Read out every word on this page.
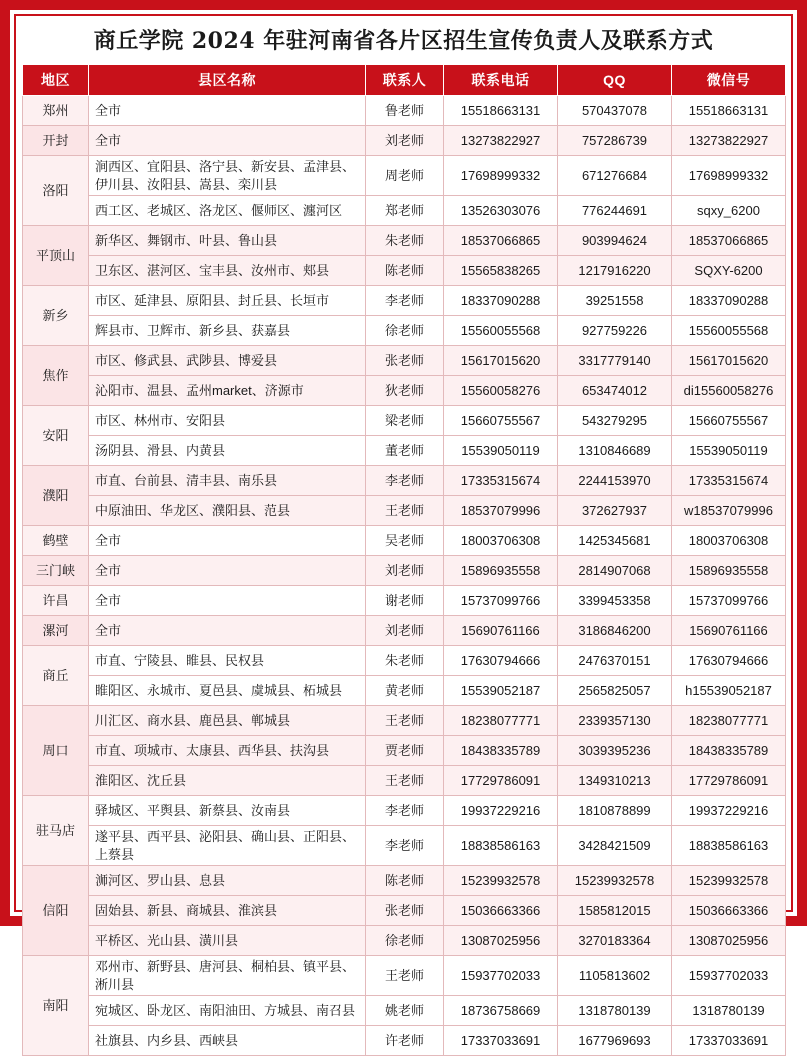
商丘学院 2024 年驻河南省各片区招生宣传负责人及联系方式
地区	县区名称	联系人	联系电话	QQ	微信号
郑州	全市	鲁老师	15518663131	570437078	15518663131
开封	全市	刘老师	13273822927	757286739	13273822927
洛阳	涧西区、宜阳县、洛宁县、新安县、孟津县、伊川县、汝阳县、嵩县、栾川县	周老师	17698999332	671276684	17698999332
	西工区、老城区、洛龙区、偃师区、瀍河区	郑老师	13526303076	776244691	sqxy_6200
平顶山	新华区、舞钢市、叶县、鲁山县	朱老师	18537066865	903994624	18537066865
	卫东区、湛河区、宝丰县、汝州市、郏县	陈老师	15565838265	1217916220	SQXY-6200
新乡	市区、延津县、原阳县、封丘县、长垣市	李老师	18337090288	39251558	18337090288
	辉县市、卫辉市、新乡县、获嘉县	徐老师	15560055568	927759226	15560055568
焦作	市区、修武县、武陟县、博爱县	张老师	15617015620	3317779140	15617015620
	沁阳市、温县、孟州market、济源市	狄老师	15560058276	653474012	di15560058276
安阳	市区、林州市、安阳县	梁老师	15660755567	543279295	15660755567
	汤阴县、滑县、内黄县	董老师	15539050119	1310846689	15539050119
濮阳	市直、台前县、清丰县、南乐县	李老师	17335315674	2244153970	17335315674
	中原油田、华龙区、濮阳县、范县	王老师	18537079996	372627937	w18537079996
鹤壁	全市	吴老师	18003706308	1425345681	18003706308
三门峡	全市	刘老师	15896935558	2814907068	15896935558
许昌	全市	谢老师	15737099766	3399453358	15737099766
漯河	全市	刘老师	15690761166	3186846200	15690761166
商丘	市直、宁陵县、睢县、民权县	朱老师	17630794666	2476370151	17630794666
	睢阳区、永城市、夏邑县、虞城县、柘城县	黄老师	15539052187	2565825057	h15539052187
周口	川汇区、商水县、鹿邑县、郸城县	王老师	18238077771	2339357130	18238077771
	市直、项城市、太康县、西华县、扶沟县	贾老师	18438335789	3039395236	18438335789
	淮阳区、沈丘县	王老师	17729786091	1349310213	17729786091
驻马店	驿城区、平舆县、新蔡县、汝南县	李老师	19937229216	1810878899	19937229216
	遂平县、西平县、泌阳县、确山县、正阳县、上蔡县	李老师	18838586163	3428421509	18838586163
信阳	浉河区、罗山县、息县	陈老师	15239932578	15239932578	15239932578
	固始县、新县、商城县、淮滨县	张老师	15036663366	1585812015	15036663366
	平桥区、光山县、潢川县	徐老师	13087025956	3270183364	13087025956
南阳	邓州市、新野县、唐河县、桐柏县、镇平县、淅川县	王老师	15937702033	1105813602	15937702033
	宛城区、卧龙区、南阳油田、方城县、南召县	姚老师	18736758669	1318780139	1318780139
	社旗县、内乡县、西峡县	许老师	17337033691	1677969693	17337033691
